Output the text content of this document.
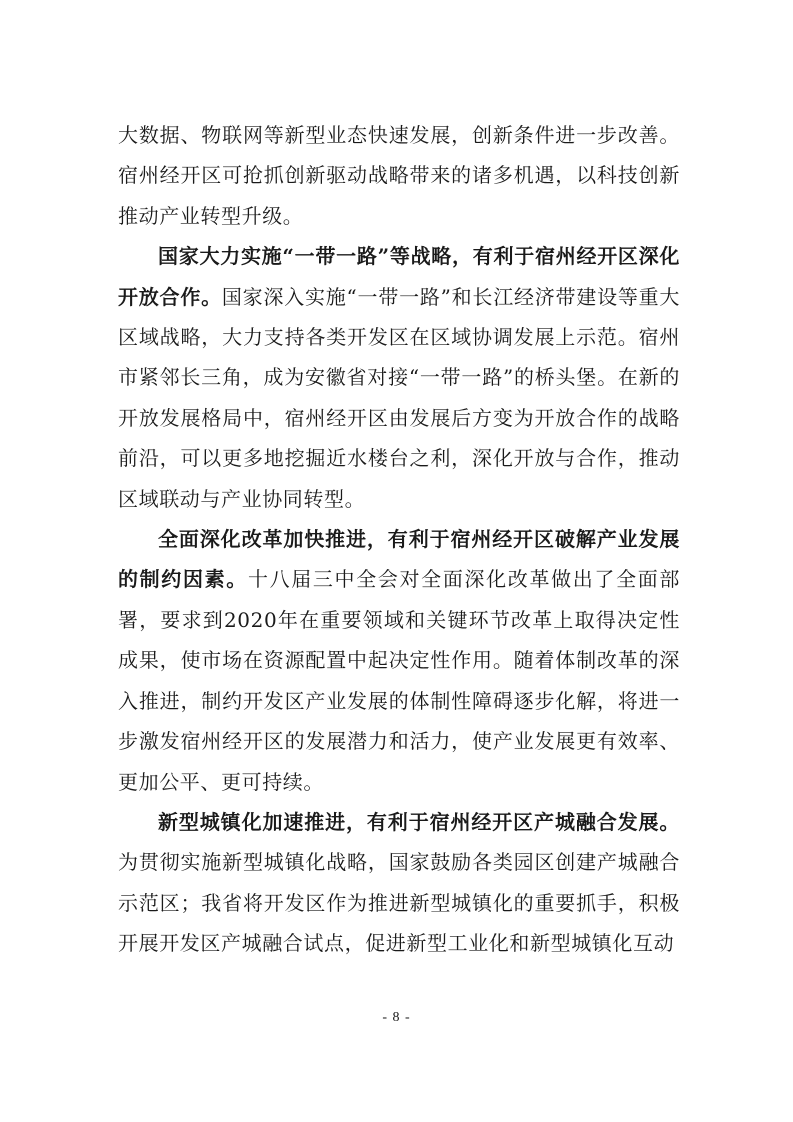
大数据、物联网等新型业态快速发展，创新条件进一步改善。宿州经开区可抢抓创新驱动战略带来的诸多机遇，以科技创新推动产业转型升级。

国家大力实施“一带一路”等战略，有利于宿州经开区深化开放合作。国家深入实施“一带一路”和长江经济带建设等重大区域战略，大力支持各类开发区在区域协调发展上示范。宿州市紧邻长三角，成为安徽省对接“一带一路”的桥头堡。在新的开放发展格局中，宿州经开区由发展后方变为开放合作的战略前沿，可以更多地挖掘近水楼台之利，深化开放与合作，推动区域联动与产业协同转型。

全面深化改革加快推进，有利于宿州经开区破解产业发展的制约因素。十八届三中全会对全面深化改革做出了全面部署，要求到2020年在重要领域和关键环节改革上取得决定性成果，使市场在资源配置中起决定性作用。随着体制改革的深入推进，制约开发区产业发展的体制性障碍逐步化解，将进一步激发宿州经开区的发展潜力和活力，使产业发展更有效率、更加公平、更可持续。

新型城镇化加速推进，有利于宿州经开区产城融合发展。为贯彻实施新型城镇化战略，国家鼓励各类园区创建产城融合示范区；我省将开发区作为推进新型城镇化的重要抓手，积极开展开发区产城融合试点，促进新型工业化和新型城镇化互动

- 8 -
